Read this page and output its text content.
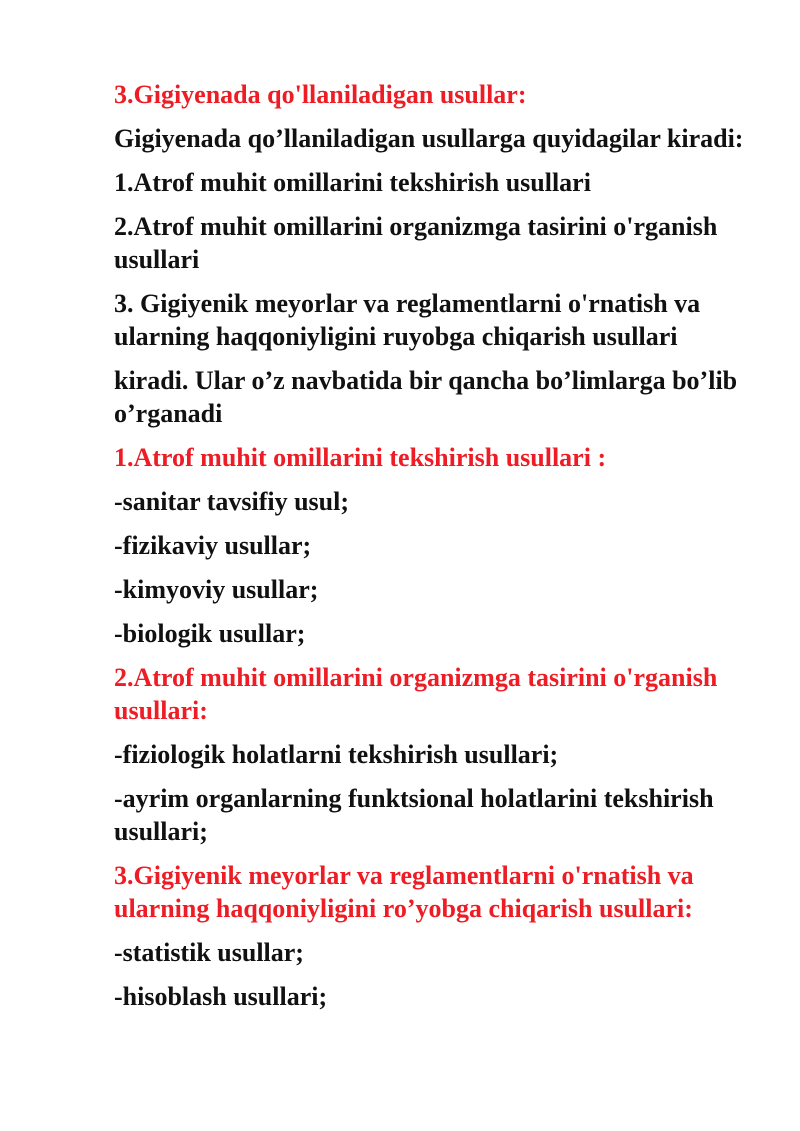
3.Gigiyenada qo'llaniladigan usullar:

Gigiyenada qo’llaniladigan usullarga quyidagilar kiradi:

1.Atrof muhit omillarini tekshirish usullari

2.Atrof muhit omillarini organizmga tasirini o'rganish usullari

3. Gigiyenik meyorlar va reglamentlarni o'rnatish va ularning haqqoniyligini ruyobga chiqarish usullari

kiradi. Ular o’z navbatida bir qancha bo’limlarga bo’lib o’rganadi

1.Atrof muhit omillarini tekshirish usullari :

-sanitar tavsifiy usul;

-fizikaviy usullar;

-kimyoviy usullar;

-biologik usullar;

2.Atrof muhit omillarini organizmga tasirini o'rganish usullari:

-fiziologik holatlarni tekshirish usullari;

-ayrim organlarning funktsional holatlarini tekshirish usullari;

3.Gigiyenik meyorlar va reglamentlarni o'rnatish va ularning haqqoniyligini ro’yobga chiqarish usullari:

-statistik usullar;

-hisoblash usullari;
